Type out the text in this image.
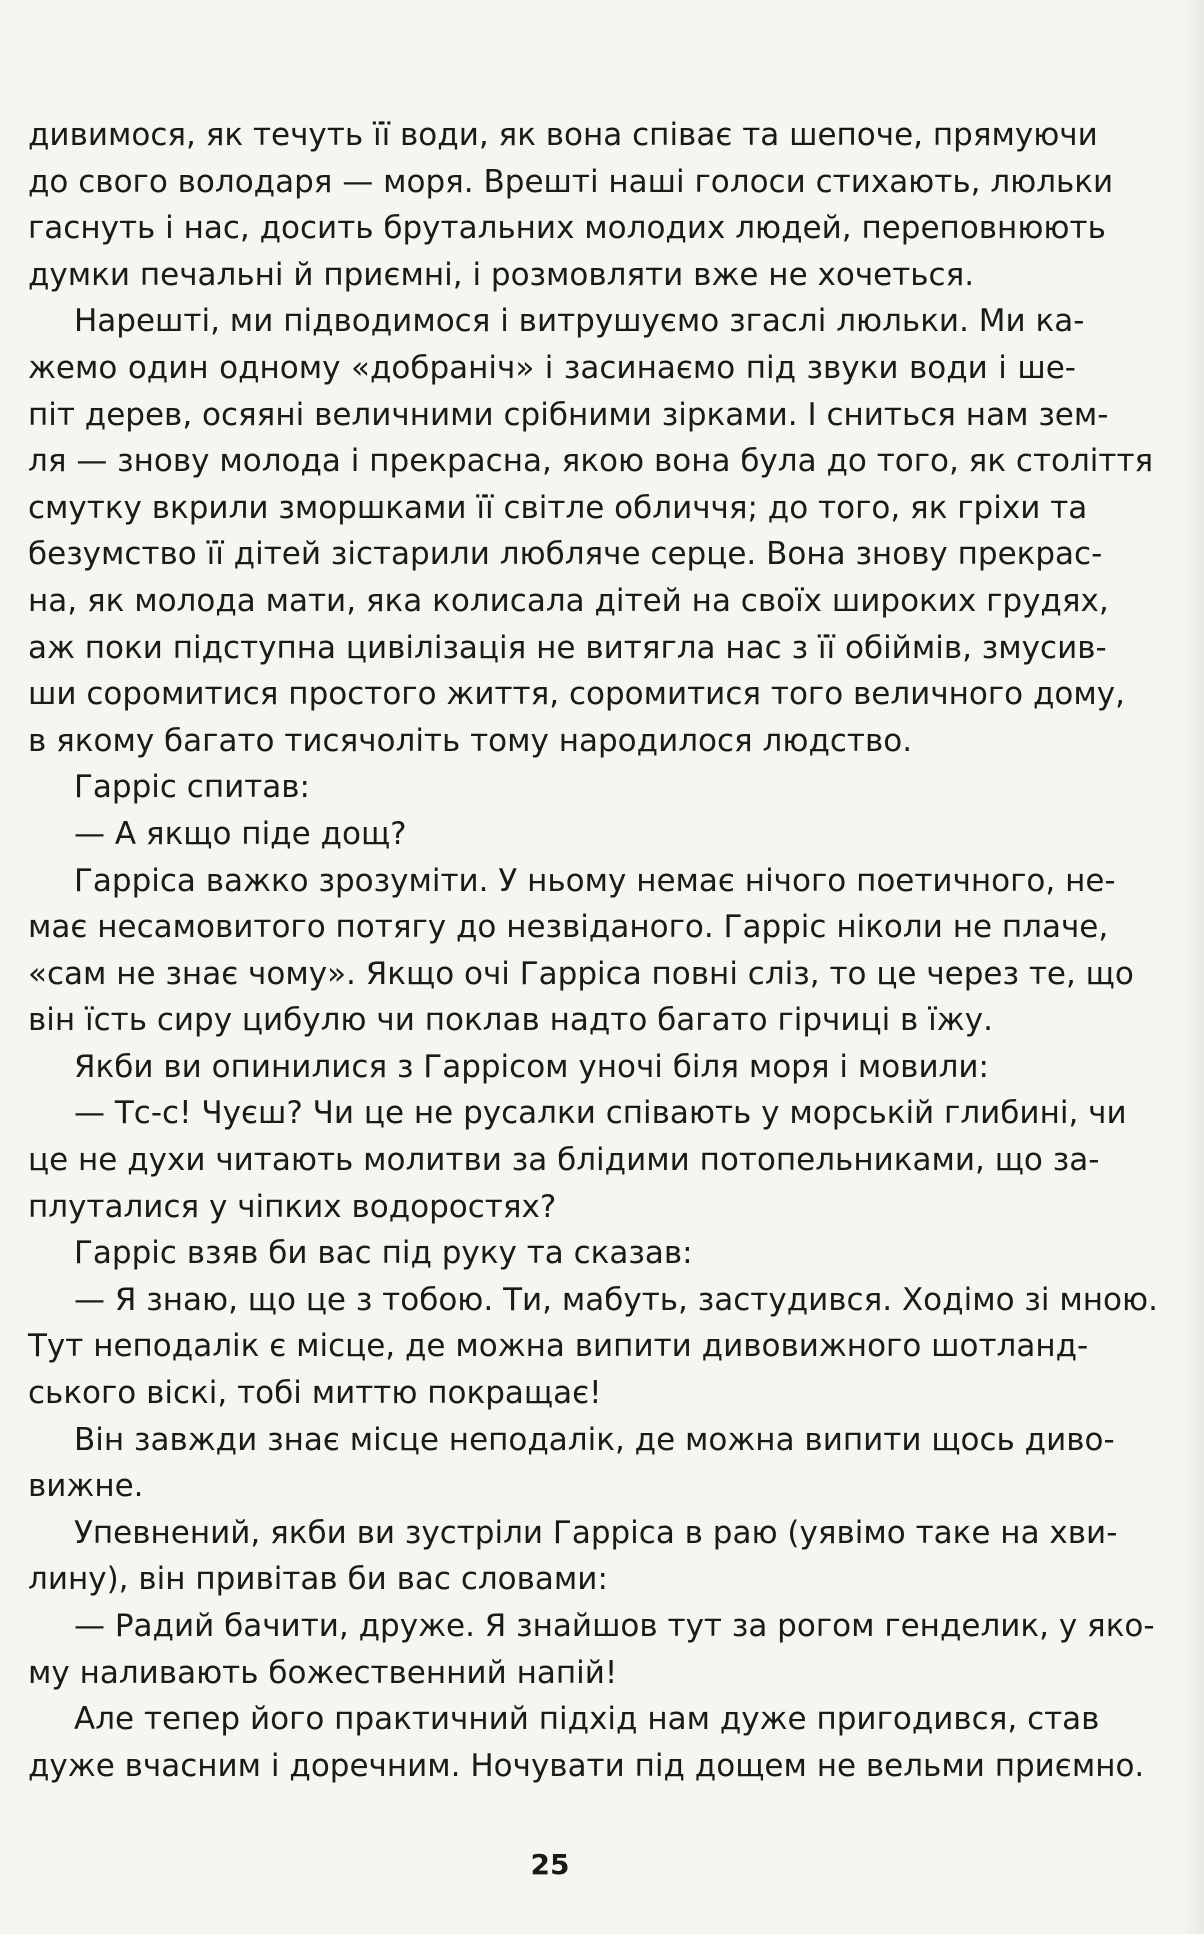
дивимося, як течуть її води, як вона співає та шепоче, прямуючи
до свого володаря — моря. Врешті наші голоси стихають, люльки
гаснуть і нас, досить брутальних молодих людей, переповнюють
думки печальні й приємні, і розмовляти вже не хочеться.
Нарешті, ми підводимося і витрушуємо згаслі люльки. Ми ка-
жемо один одному «добраніч» і засинаємо під звуки води і ше-
піт дерев, осяяні величними срібними зірками. І сниться нам зем-
ля — знову молода і прекрасна, якою вона була до того, як століття
смутку вкрили зморшками її світле обличчя; до того, як гріхи та
безумство її дітей зістарили люблячe серце. Вона знову прекрас-
на, як молода мати, яка колисала дітей на своїх широких грудях,
аж поки підступна цивілізація не витягла нас з її обіймів, змусив-
ши соромитися простого життя, соромитися того величного дому,
в якому багато тисячоліть тому народилося людство.
Гарріс спитав:
— А якщо піде дощ?
Гарріса важко зрозуміти. У ньому немає нічого поетичного, не-
має несамовитого потягу до незвіданого. Гарріс ніколи не плаче,
«сам не знає чому». Якщо очі Гарріса повні сліз, то це через те, що
він їсть сиру цибулю чи поклав надто багато гірчиці в їжу.
Якби ви опинилися з Гаррісом уночі біля моря і мовили:
— Тс-с! Чуєш? Чи це не русалки співають у морській глибині, чи
це не духи читають молитви за блідими потопельниками, що за-
плуталися у чіпких водоростях?
Гарріс взяв би вас під руку та сказав:
— Я знаю, що це з тобою. Ти, мабуть, застудився. Ходімо зі мною.
Тут неподалік є місце, де можна випити дивовижного шотланд-
ського віскі, тобі миттю покращає!
Він завжди знає місце неподалік, де можна випити щось диво-
вижне.
Упевнений, якби ви зустріли Гарріса в раю (уявімо таке на хви-
лину), він привітав би вас словами:
— Радий бачити, друже. Я знайшов тут за рогом генделик, у яко-
му наливають божественний напій!
Але тепер його практичний підхід нам дуже пригодився, став
дуже вчасним і доречним. Ночувати під дощем не вельми приємно.
25
